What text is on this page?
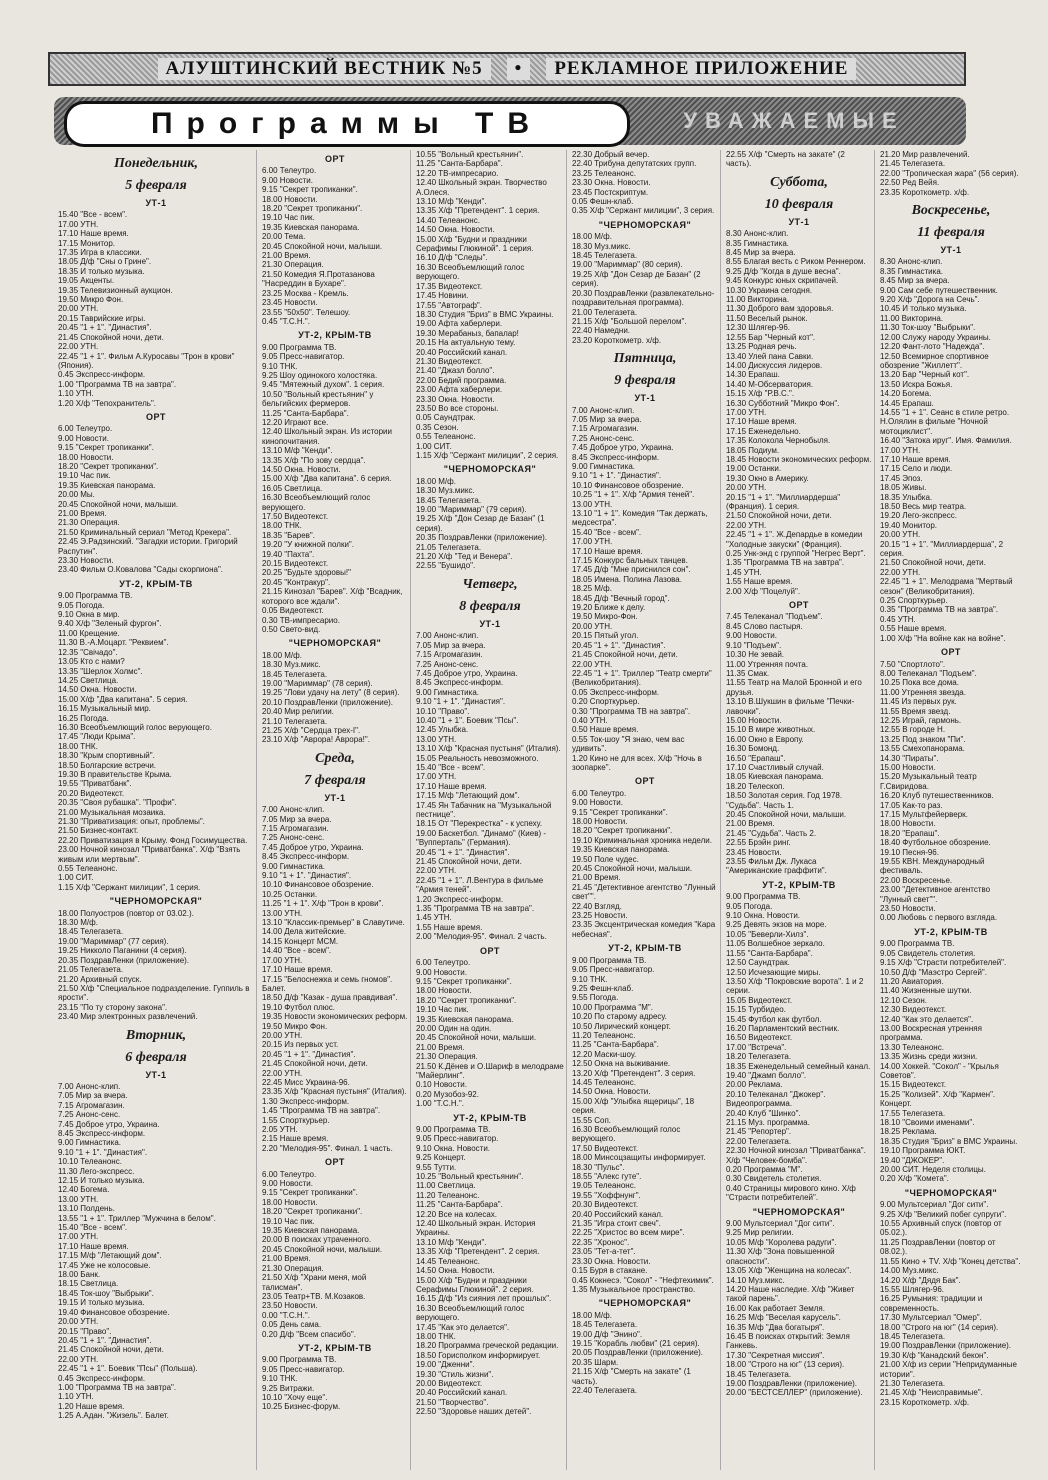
АЛУШТИНСКИЙ ВЕСТНИК №5	•	РЕКЛАМНОЕ ПРИЛОЖЕНИЕ
Программы ТВ	УВАЖАЕМЫЕ
Понедельник,
5 февраля
УТ-1
15.40 "Все - всем".
17.00 УТН.
17.10 Наше время.
17.15 Монитор.
17.35 Игра в классики.
18.05 Д/ф "Сны о Грине".
18.35 И только музыка.
19.05 Акценты.
19.35 Телевизионный аукцион.
19.50 Микро Фон.
20.00 УТН.
20.15 Таврийские игры.
20.45 "1 + 1". "Династия".
21.45 Спокойной ночи, дети.
22.00 УТН.
22.45 "1 + 1". Фильм А.Куросавы "Трон в крови" (Япония).
0.45 Экспресс-информ.
1.00 "Программа ТВ на завтра".
1.10 УТН.
1.20 Х/ф "Тепохранитель".
ОРТ
6.00 Телеутро.
9.00 Новости.
9.15 "Секрет тропиканки".
18.00 Новости.
18.20 "Секрет тропиканки".
19.10 Час пик.
19.35 Киевская панорама.
20.00 Мы.
20.45 Спокойной ночи, малыши.
21.00 Время.
21.30 Операция.
21.50 Криминальный сериал "Метод Крекера".
22.45 Э.Радзинский. "Загадки истории. Григорий Распутин".
23.30 Новости.
23.40 Фильм О.Ковалова "Сады скорпиона".
УТ-2, КРЫМ-ТВ
9.00 Программа ТВ.
9.05 Погода.
9.10 Окна в мир.
9.40 Х/ф "Зеленый фургон".
11.00 Крещение.
11.30 В.-А.Моцарт. "Реквием".
12.35 "Свічадо".
13.05 Кто с нами?
13.35 "Шерлок Холмс".
14.25 Светлица.
14.50 Окна. Новости.
15.00 Х/ф "Два капитана". 5 серия.
16.15 Музыкальный мир.
16.25 Погода.
16.30 Всеобъемлющий голос верующего.
17.45 "Люди Крыма".
18.00 ТНК.
18.30 "Крым спортивный".
18.50 Болгарские встречи.
19.30 В правительстве Крыма.
19.55 "Приватбанк".
20.20 Видеотекст.
20.35 "Своя рубашка". "Профи".
21.00 Музыкальная мозаика.
21.30 "Приватизация: опыт, проблемы".
21.50 Бизнес-контакт.
22.20 Приватизация в Крыму. Фонд Госимущества.
23.00 Ночной кинозал "Приватбанка". Х/ф "Взять живым или мертвым".
0.55 Телеанонс.
1.00 СИТ.
1.15 Х/ф "Сержант милиции", 1 серия.
"ЧЕРНОМОРСКАЯ"
18.00 Полуостров (повтор от 03.02.).
18.30 М/ф.
18.45 Телегазета.
19.00 "Мариммар" (77 серия).
19.25 Никколо Паганини (4 серия).
20.35 ПоздравЛенки (приложение).
21.05 Телегазета.
21.20 Архивный спуск.
21.50 Х/ф "Специальное подразделение. Гуппиль в ярости".
23.15 "По ту сторону закона".
23.40 Мир электронных развлечений.
Вторник,
6 февраля
УТ-1
7.00 Анонс-клип.
7.05 Мир за вчера.
7.15 Агромагазин.
7.25 Анонс-сенс.
7.45 Доброе утро, Украина.
8.45 Экспресс-информ.
9.00 Гимнастика.
9.10 "1 + 1". "Династия".
10.10 Телеанонс.
11.30 Лего-экспресс.
12.15 И только музыка.
12.40 Богема.
13.00 УТН.
13.10 Полдень.
13.55 "1 + 1". Триллер "Мужчина в белом".
15.40 "Все - всем".
17.00 УТН.
17.10 Наше время.
17.15 М/ф "Летающий дом".
17.45 Уже не колосовые.
18.00 Банк.
18.15 Светлица.
18.45 Ток-шоу "Выбрыки".
19.15 И только музыка.
19.40 Финансовое обозрение.
20.00 УТН.
20.15 "Право".
20.45 "1 + 1". "Династия".
21.45 Спокойной ночи, дети.
22.00 УТН.
22.45 "1 + 1". Боевик "Псы" (Польша).
0.45 Экспресс-информ.
1.00 "Программа ТВ на завтра".
1.10 УТН.
1.20 Наше время.
1.25 А.Адан. "Жизель". Балет.
ОРТ
6.00 Телеутро.
9.00 Новости.
9.15 "Секрет тропиканки".
18.00 Новости.
18.20 "Секрет тропиканки".
19.10 Час пик.
19.35 Киевская панорама.
20.00 Тема.
20.45 Спокойной ночи, малыши.
21.00 Время.
21.30 Операция.
21.50 Комедия Я.Протазанова "Насреддин в Бухаре".
23.25 Москва - Кремль.
23.45 Новости.
23.55 "50x50". Телешоу.
0.45 "Т.С.Н.".
УТ-2, КРЫМ-ТВ
9.00 Программа ТВ.
9.05 Пресс-навигатор.
9.10 ТНК.
9.25 Шоу одинокого холостяка.
9.45 "Мятежный духом". 1 серия.
10.50 "Вольный крестьянин" у бельгийских фермеров.
11.25 "Санта-Барбара".
12.20 Играют все.
12.40 Школьный экран. Из истории кинопочитания.
13.10 М/ф "Кенди".
13.35 Х/ф "По зову сердца".
14.50 Окна. Новости.
15.00 Х/ф "Два капитана". 6 серия.
16.05 Светлица.
16.30 Всеобъемлющий голос верующего.
17.50 Видеотекст.
18.00 ТНК.
18.35 "Барев".
19.20 "У книжной полки".
19.40 "Пахта".
20.15 Видеотекст.
20.25 "Будьте здоровы!"
20.45 "Контракур".
21.15 Кинозал "Барев". Х/ф "Всадник, которого все ждали".
0.05 Видеотекст.
0.30 ТВ-импресарио.
0.50 Свето-вид.
"ЧЕРНОМОРСКАЯ"
18.00 М/ф.
18.30 Муз.микс.
18.45 Телегазета.
19.00 "Мариммар" (78 серия).
19.25 "Лови удачу на лету" (8 серия).
20.10 ПоздравЛенки (приложение).
20.40 Мир религии.
21.10 Телегазета.
21.25 Х/ф "Сердца трех-I".
23.10 Х/ф "Аврора! Аврора!".
Среда,
7 февраля
УТ-1
7.00 Анонс-клип.
7.05 Мир за вчера.
7.15 Агромагазин.
7.25 Анонс-сенс.
7.45 Доброе утро, Украина.
8.45 Экспресс-информ.
9.00 Гимнастика.
9.10 "1 + 1". "Династия".
10.10 Финансовое обозрение.
10.25 Останки.
11.25 "1 + 1". Х/ф "Трон в крови".
13.00 УТН.
13.10 "Классик-премьер" в Славутиче.
14.00 Дела житейские.
14.15 Концерт МСМ.
14.40 "Все - всем".
17.00 УТН.
17.10 Наше время.
17.15 "Белоснежка и семь гномов". Балет.
18.50 Д/ф "Казак - душа правдивая".
19.10 Футбол плюс.
19.35 Новости экономических реформ.
19.50 Микро Фон.
20.00 УТН.
20.15 Из первых уст.
20.45 "1 + 1". "Династия".
21.45 Спокойной ночи, дети.
22.00 УТН.
22.45 Мисс Украина-96.
23.35 Х/ф "Красная пустыня" (Италия).
1.30 Экспресс-информ.
1.45 "Программа ТВ на завтра".
1.55 Спорткурьер.
2.05 УТН.
2.15 Наше время.
2.20 "Мелодия-95". Финал. 1 часть.
ОРТ
6.00 Телеутро.
9.00 Новости.
9.15 "Секрет тропиканки".
18.00 Новости.
18.20 "Секрет тропиканки".
19.10 Час пик.
19.35 Киевская панорама.
20.00 В поисках утраченного.
20.45 Спокойной ночи, малыши.
21.00 Время.
21.30 Операция.
21.50 Х/ф "Храни меня, мой талисман".
23.05 Театр+ТВ. М.Козаков.
23.50 Новости.
0.00 "Т.С.Н.".
0.05 День сама.
0.20 Д/ф "Всем спасибо".
УТ-2, КРЫМ-ТВ
9.00 Программа ТВ.
9.05 Пресс-навигатор.
9.10 ТНК.
9.25 Витражи.
10.10 "Хочу еще".
10.25 Бизнес-форум.
10.55 "Вольный крестьянин".
11.25 "Санта-Барбара".
12.20 ТВ-импресарио.
12.40 Школьный экран. Творчество А.Олеся.
13.10 М/ф "Кенди".
13.35 Х/ф "Претендент". 1 серия.
14.40 Телеанонс.
14.50 Окна. Новости.
15.00 Х/ф "Будни и праздники Серафимы Глюкиной". 1 серия.
16.10 Д/ф "Следы".
16.30 Всеобъемлющий голос верующего.
17.35 Видеотекст.
17.45 Новини.
17.55 "Автограф".
18.30 Студия "Бриз" в ВМС Украины.
19.00 Афта хаберлери.
19.30 Мерабаныз, бапалар!
20.15 На актуальную тему.
20.40 Российский канал.
21.30 Видеотекст.
21.40 "Джазл болло".
22.00 Бедий программа.
23.00 Афта хаберлери.
23.30 Окна. Новости.
23.50 Во все стороны.
0.05 Саундтрак.
0.35 Сезон.
0.55 Телеанонс.
1.00 СИТ.
1.15 Х/ф "Сержант милиции", 2 серия.
"ЧЕРНОМОРСКАЯ"
18.00 М/ф.
18.30 Муз.микс.
18.45 Телегазета.
19.00 "Мариммар" (79 серия).
19.25 Х/ф "Дон Сезар де Базан" (1 серия).
20.35 ПоздравЛенки (приложение).
21.05 Телегазета.
21.20 Х/ф "Тед и Венера".
22.55 "Бушидо".
Четверг,
8 февраля
УТ-1
7.00 Анонс-клип.
7.05 Мир за вчера.
7.15 Агромагазин.
7.25 Анонс-сенс.
7.45 Доброе утро, Украина.
8.45 Экспресс-информ.
9.00 Гимнастика.
9.10 "1 + 1". "Династия".
10.10 "Право".
10.40 "1 + 1". Боевик "Псы".
12.45 Улыбка.
13.00 УТН.
13.10 Х/ф "Красная пустыня" (Италия).
15.05 Реальность невозможного.
15.40 "Все - всем".
17.00 УТН.
17.10 Наше время.
17.15 М/ф "Летающий дом".
17.45 Ян Табачник на "Музыкальной пестнице".
18.15 От "Перекрестка" - к успеху.
19.00 Баскетбол. "Динамо" (Киев) - "Вуппертапь" (Германия).
20.45 "1 + 1". "Династия".
21.45 Спокойной ночи, дети.
22.00 УТН.
22.45 "1 + 1". Л.Вентура в фильме "Армия теней".
1.20 Экспресс-информ.
1.35 "Программа ТВ на завтра".
1.45 УТН.
1.55 Наше время.
2.00 "Мелодия-95". Финал. 2 часть.
ОРТ
6.00 Телеутро.
9.00 Новости.
9.15 "Секрет тропиканки".
18.00 Новости.
18.20 "Секрет тропиканки".
19.10 Час пик.
19.35 Киевская панорама.
20.00 Один на один.
20.45 Спокойной ночи, малыши.
21.00 Время.
21.30 Операция.
21.50 К.Дёнев и О.Шариф в мелодраме "Майерлинг".
0.10 Новости.
0.20 Музобоз-92.
1.00 "Т.С.Н.".
УТ-2, КРЫМ-ТВ
9.00 Программа ТВ.
9.05 Пресс-навигатор.
9.10 Окна. Новости.
9.25 Концерт.
9.55 Тутти.
10.25 "Вольный крестьянин".
11.00 Светлица.
11.20 Телеанонс.
11.25 "Санта-Барбара".
12.20 Все на колесах.
12.40 Школьный экран. История Украины.
13.10 М/ф "Кенди".
13.35 Х/ф "Претендент". 2 серия.
14.45 Телеанонс.
14.50 Окна. Новости.
15.00 Х/ф "Будни и праздники Серафимы Глюкиной". 2 серия.
16.15 Д/ф "Из сияния лет прошлых".
16.30 Всеобъемлющий голос верующего.
17.45 "Как это делается".
18.00 ТНК.
18.20 Программа греческой редакции.
18.50 Горисполком информирует.
19.00 "Дженни".
19.30 "Стиль жизни".
20.00 Видеотекст.
20.40 Российский канал.
21.50 "Творчество".
22.50 "Здоровье наших детей".
22.30 Добрый вечер.
22.40 Трибуна депутатских групп.
23.25 Телеанонс.
23.30 Окна. Новости.
23.45 Постскриптум.
0.05 Фешн-клаб.
0.35 Х/ф "Сержант милиции", 3 серия.
"ЧЕРНОМОРСКАЯ"
18.00 М/ф.
18.30 Муз.микс.
18.45 Телегазета.
19.00 "Мариммар" (80 серия).
19.25 Х/ф "Дон Сезар де Базан" (2 серия).
20.30 ПоздравЛенки (развлекательно-поздравительная программа).
21.00 Телегазета.
21.15 Х/ф "Большой перелом".
22.40 Намедни.
23.20 Короткометр. х/ф.
Пятница,
9 февраля
УТ-1
7.00 Анонс-клип.
7.05 Мир за вчера.
7.15 Агромагазин.
7.25 Анонс-сенс.
7.45 Доброе утро, Украина.
8.45 Экспресс-информ.
9.00 Гимнастика.
9.10 "1 + 1". "Династия".
10.10 Финансовое обозрение.
10.25 "1 + 1". Х/ф "Армия теней".
13.00 УТН.
13.10 "1 + 1". Комедия "Так держать, медсестра".
15.40 "Все - всем".
17.00 УТН.
17.10 Наше время.
17.15 Конкурс бальных танцев.
17.45 Д/ф "Мне приснился сон".
18.05 Имена. Полина Лазова.
18.25 М/ф.
18.45 Д/ф "Вечный город".
19.20 Ближе к делу.
19.50 Микро-Фон.
20.00 УТН.
20.15 Пятый угол.
20.45 "1 + 1". "Династия".
21.45 Спокойной ночи, дети.
22.00 УТН.
22.45 "1 + 1". Триллер "Театр смерти" (Великобритания).
0.05 Экспресс-информ.
0.20 Спорткурьер.
0.30 "Программа ТВ на завтра".
0.40 УТН.
0.50 Наше время.
0.55 Ток-шоу "Я знаю, чем вас удивить".
1.20 Кино не для всех. Х/ф "Ночь в зоопарке".
ОРТ
6.00 Телеутро.
9.00 Новости.
9.15 "Секрет тропиканки".
18.00 Новости.
18.20 "Секрет тропиканки".
19.10 Криминальная хроника недели.
19.35 Киевская панорама.
19.50 Поле чудес.
20.45 Спокойной ночи, малыши.
21.00 Время.
21.45 "Детективное агентство "Лунный свет"".
22.40 Взгляд.
23.25 Новости.
23.35 Эксцентрическая комедия "Кара небесная".
УТ-2, КРЫМ-ТВ
9.00 Программа ТВ.
9.05 Пресс-навигатор.
9.10 ТНК.
9.25 Фешн-клаб.
9.55 Погода.
10.00 Программа "М".
10.20 По старому адресу.
10.50 Лирический концерт.
11.20 Телеанонс.
11.25 "Санта-Барбара".
12.20 Маски-шоу.
12.50 Окна на выживание.
13.20 Х/ф "Претендент". 3 серия.
14.45 Телеанонс.
14.50 Окна. Новости.
15.00 Х/ф "Улыбка ящерицы", 18 серия.
15.55 Соп.
16.30 Всеобъемлющий голос верующего.
17.50 Видеотекст.
18.00 Минсоцзащиты информирует.
18.30 "Пульс".
18.55 "Алекс гуте".
19.05 Телеанонс.
19.55 "Хоффнунг".
20.30 Видеотекст.
20.40 Российский канал.
21.35 "Игра стоит свеч".
22.25 "Христос во всем мире".
22.35 "Хронос".
23.05 "Тет-а-тет".
23.30 Окна. Новости.
0.15 Буря в стакане.
0.45 Кокнесэ. "Сокол" - "Нефтехимик".
1.35 Музыкальное пространство.
"ЧЕРНОМОРСКАЯ"
18.00 М/ф.
18.45 Телегазета.
19.00 Д/ф "Энино".
19.15 "Корабль любви" (21 серия).
20.05 ПоздравЛенки (приложение).
20.35 Шарм.
21.15 Х/ф "Смерть на закате" (1 часть).
22.40 Телегазета.
22.55 Х/ф "Смерть на закате" (2 часть).
Суббота,
10 февраля
УТ-1
8.30 Анонс-клип.
8.35 Гимнастика.
8.45 Мир за вчера.
8.55 Благая весть с Риком Реннером.
9.25 Д/ф "Когда в душе весна".
9.45 Конкурс юных скрипачей.
10.30 Украина сегодня.
11.00 Викторина.
11.30 Доброго вам здоровья.
11.50 Веселый рынок.
12.30 Шлягер-96.
12.55 Бар "Черный кот".
13.25 Родная речь.
13.40 Улей пана Савки.
14.00 Дискуссия лидеров.
14.30 Ерапаш.
14.40 М-Обсерватория.
15.15 Х/ф "Р.В.С.".
16.30 Субботний "Микро Фон".
17.00 УТН.
17.10 Наше время.
17.15 Еженедельно.
17.35 Колокола Чернобыля.
18.05 Подиум.
18.45 Новости экономических реформ.
19.00 Останки.
19.30 Окно в Америку.
20.00 УТН.
20.15 "1 + 1". "Миллиардерша" (Франция). 1 серия.
21.50 Спокойной ночи, дети.
22.00 УТН.
22.45 "1 + 1". Ж.Депардье в комедии "Холодные закуски" (Франция).
0.25 Унк-энд с группой "Негрес Верт".
1.35 "Программа ТВ на завтра".
1.45 УТН.
1.55 Наше время.
2.00 Х/ф "Поцелуй".
ОРТ
7.45 Телеканал "Подъем".
8.45 Слово пастыря.
9.00 Новости.
9.10 "Подъем".
10.30 Не зевай.
11.00 Утренняя почта.
11.35 Смак.
11.55 Театр на Малой Бронной и его друзья.
13.10 В.Шукшин в фильме "Печки-лавочки".
15.00 Новости.
15.10 В мире животных.
16.00 Окно в Европу.
16.30 Бомонд.
16.50 "Ерапаш".
17.10 Счастливый случай.
18.05 Киевская панорама.
18.20 Телескоп.
18.50 Золотая серия. Год 1978. "Судьба". Часть 1.
20.45 Спокойной ночи, малыши.
21.00 Время.
21.45 "Судьба". Часть 2.
22.55 Брэйн ринг.
23.45 Новости.
23.55 Фильм Дж. Лукаса "Американские граффити".
УТ-2, КРЫМ-ТВ
9.00 Программа ТВ.
9.05 Погода.
9.10 Окна. Новости.
9.25 Девять экзов на море.
10.05 "Беверли-Хилз".
11.05 Волшебное зеркало.
11.55 "Санта-Барбара".
12.50 Саундтрак.
12.50 Исчезающие миры.
13.50 Х/ф "Покровские ворота". 1 и 2 серии.
15.05 Видеотекст.
15.15 Турбидео.
15.45 Футбол как футбол.
16.20 Парламентский вестник.
16.50 Видеотекст.
17.00 "Встреча".
18.20 Телегазета.
18.35 Еженедельный семейный канал.
19.40 "Джамп болло".
20.00 Реклама.
20.10 Телеканал "Джокер". Видеопрограмма.
20.40 Клуб "Шинко".
21.15 Муз. программа.
21.45 "Репортер".
22.00 Телегазета.
22.30 Ночной кинозал "Приватбанка". Х/ф "Человек-бомба".
0.20 Программа "М".
0.30 Свидетель столетия.
0.40 Страницы мирового кино. Х/ф "Страсти потребителей".
"ЧЕРНОМОРСКАЯ"
9.00 Мультсериал "Дог сити".
9.25 Мир религии.
10.05 М/ф "Королева радуги".
11.30 Х/ф "Зона повышенной опасности".
13.05 Х/ф "Женщина на колесах".
14.10 Муз.микс.
14.20 Наше наследие. Х/ф "Живет такой парень".
16.00 Как работает Земля.
16.25 М/ф "Веселая карусель".
16.35 М/ф "Два богатыря".
16.45 В поисках открытий: Земля Ганкевь.
17.30 "Секретная миссия".
18.00 "Строго на юг" (13 серия).
18.45 Телегазета.
19.00 ПоздравЛенки (приложение).
20.00 "БЕСТСЕЛЛЕР" (приложение).
21.20 Мир развлечений.
21.45 Телегазета.
22.00 "Тропическая жара" (56 серия).
22.50 Ред Вейя.
23.35 Короткометр. х/ф.
Воскресенье,
11 февраля
УТ-1
8.30 Анонс-клип.
8.35 Гимнастика.
8.45 Мир за вчера.
9.00 Сам себе путешественник.
9.20 Х/ф "Дорога на Сечь".
10.45 И только музыка.
11.00 Викторина.
11.30 Ток-шоу "Выбрыки".
12.00 Служу народу Украины.
12.20 Фант-лото "Надежда".
12.50 Всемирное спортивное обозрение "Жиллетт".
13.20 Бар "Черный кот".
13.50 Искра Божья.
14.20 Богема.
14.45 Ерапаш.
14.55 "1 + 1". Сеанс в стиле ретро. Н.Олялин в фильме "Ночной мотоциклист".
16.40 "Затока ируг". Имя. Фамилия.
17.00 УТН.
17.10 Наше время.
17.15 Село и люди.
17.45 Эпоз.
18.05 Живы.
18.35 Улыбка.
18.50 Весь мир театра.
19.20 Лего-экспресс.
19.40 Монитор.
20.00 УТН.
20.15 "1 + 1". "Миллиардерша", 2 серия.
21.50 Спокойной ночи, дети.
22.00 УТН.
22.45 "1 + 1". Мелодрама "Мертвый сезон" (Великобритания).
0.25 Спорткурьер.
0.35 "Программа ТВ на завтра".
0.45 УТН.
0.55 Наше время.
1.00 Х/ф "На войне как на войне".
ОРТ
7.50 "Спортлото".
8.00 Телеканал "Подъем".
10.25 Пока все дома.
11.00 Утренняя звезда.
11.45 Из первых рук.
11.55 Время звезд.
12.25 Играй, гармонь.
12.55 В городе Н.
13.25 Под знаком "Пи".
13.55 Смехопанорама.
14.30 "Пираты".
15.00 Новости.
15.20 Музыкальный театр Г.Свиридова.
16.20 Клуб путешественников.
17.05 Как-то раз.
17.15 Мультфейерверк.
18.00 Новости.
18.20 "Ерапаш".
18.40 Футбольное обозрение.
19.10 Песня-96.
19.55 КВН. Международный фестиваль.
22.00 Воскресенье.
23.00 "Детективное агентство "Лунный свет"".
23.50 Новости.
0.00 Любовь с первого взгляда.
УТ-2, КРЫМ-ТВ
9.00 Программа ТВ.
9.05 Свидетель столетия.
9.15 Х/ф "Страсти потребителей".
10.50 Д/ф "Маэстро Сергей".
11.20 Авиатория.
11.40 Жизненные шутки.
12.10 Сезон.
12.30 Видеотекст.
12.40 "Как это делается".
13.00 Воскресная утренняя программа.
13.30 Телеанонс.
13.35 Жизнь среди жизни.
14.00 Хоккей. "Сокол" - "Крылья Советов".
15.15 Видеотекст.
15.25 "Колизей". Х/ф "Кармен". Концерт.
17.55 Телегазета.
18.10 "Своими именами".
18.25 Реклама.
18.35 Студия "Бриз" в ВМС Украины.
19.10 Программа ЮКТ.
19.40 "ДЖОКЕР".
20.00 СИТ. Неделя столицы.
0.20 Х/ф "Комета".
"ЧЕРНОМОРСКАЯ"
9.00 Мультсериал "Дог сити".
9.25 Х/ф "Великий побег супруги".
10.55 Архивный спуск (повтор от 05.02.).
11.25 ПоздравЛенки (повтор от 08.02.).
11.55 Кино + TV. Х/ф "Конец детства".
14.00 Муз.микс.
14.20 Х/ф "Дядя Бак".
15.55 Шлягер-96.
16.25 Румыния: традиции и современность.
17.30 Мультсериал "Омер".
18.00 "Строго на юг" (14 серия).
18.45 Телегазета.
19.00 ПоздравЛенки (приложение).
19.30 К/ф "Канадский бекон".
21.00 Х/ф из серии "Непридуманные истории".
21.30 Телегазета.
21.45 Х/ф "Неисправимые".
23.15 Короткометр. х/ф.
